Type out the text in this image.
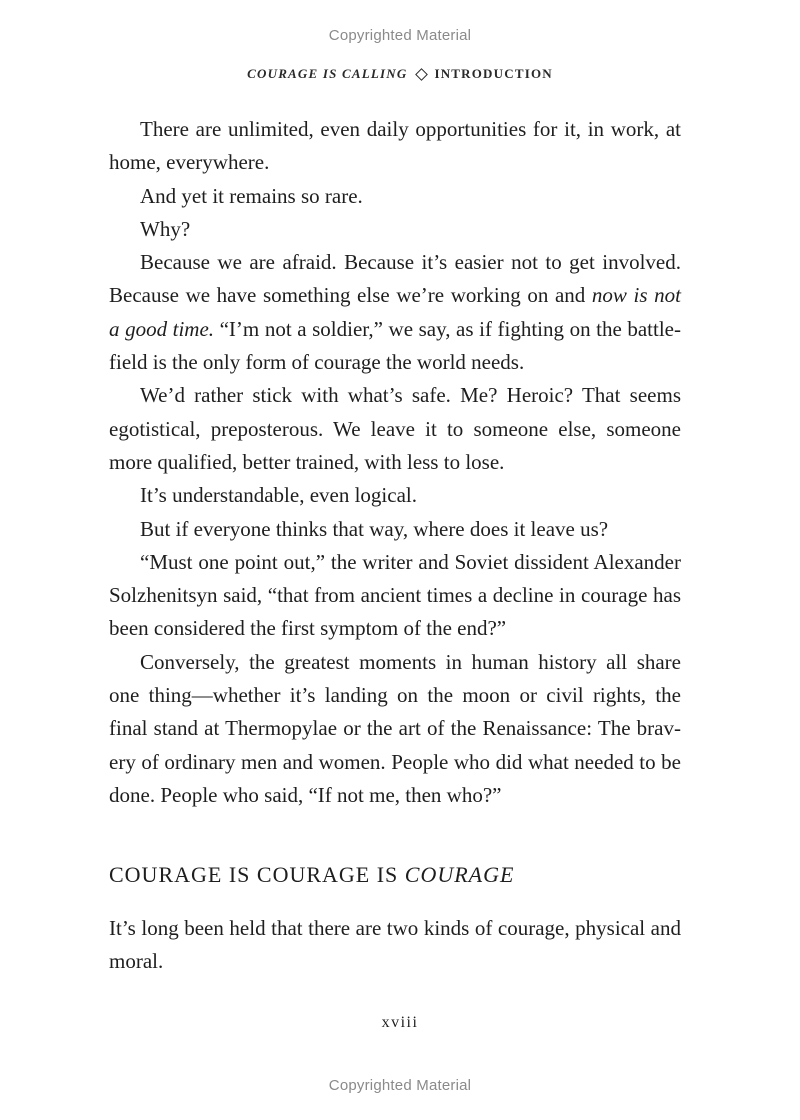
Copyrighted Material
COURAGE IS CALLING INTRODUCTION

There are unlimited, even daily opportunities for it, in work, at home, everywhere.

And yet it remains so rare.

Why?

Because we are afraid. Because it’s easier not to get involved. Because we have something else we’re working on and now is not a good time. “I’m not a soldier,” we say, as if fighting on the battlefield is the only form of courage the world needs.

We’d rather stick with what’s safe. Me? Heroic? That seems egotistical, preposterous. We leave it to someone else, someone more qualified, better trained, with less to lose.

It’s understandable, even logical.

But if everyone thinks that way, where does it leave us?

“Must one point out,” the writer and Soviet dissident Alexander Solzhenitsyn said, “that from ancient times a decline in courage has been considered the first symptom of the end?”

Conversely, the greatest moments in human history all share one thing—whether it’s landing on the moon or civil rights, the final stand at Thermopylae or the art of the Renaissance: The bravery of ordinary men and women. People who did what needed to be done. People who said, “If not me, then who?”

COURAGE IS COURAGE IS COURAGE

It’s long been held that there are two kinds of courage, physical and moral.

xviii
Copyrighted Material
